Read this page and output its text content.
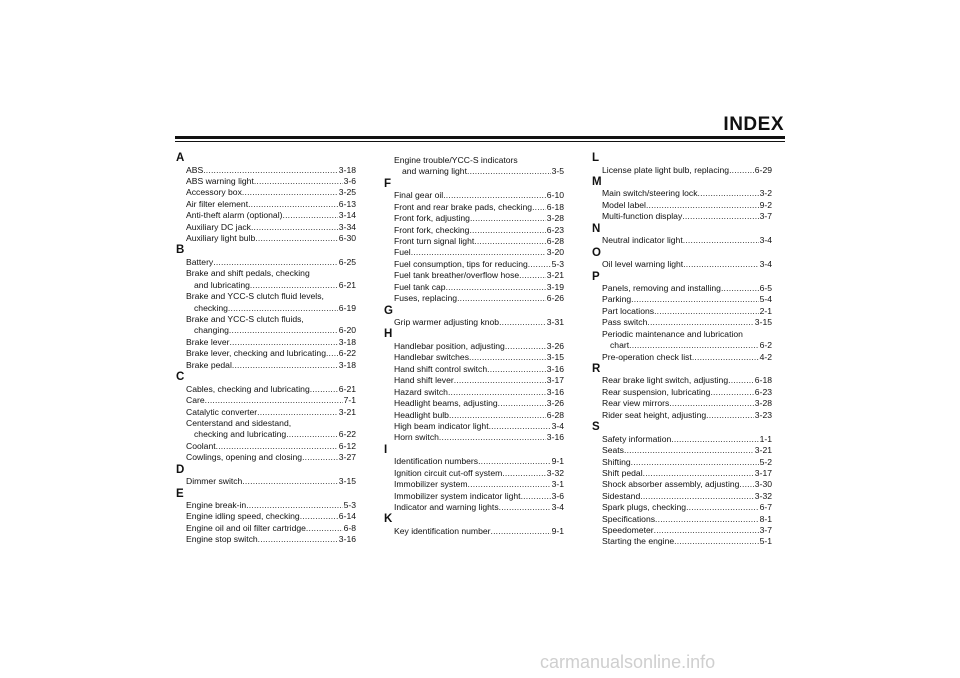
INDEX
A
ABS .....	3-18
ABS warning light .....	3-6
Accessory box .....	3-25
Air filter element .....	6-13
Anti-theft alarm (optional) .....	3-14
Auxiliary DC jack .....	3-34
Auxiliary light bulb .....	6-30
B
Battery .....	6-25
Brake and shift pedals, checking
and lubricating .....	6-21
Brake and YCC-S clutch fluid levels,
checking .....	6-19
Brake and YCC-S clutch fluids,
changing .....	6-20
Brake lever .....	3-18
Brake lever, checking and lubricating ..... 6-22
Brake pedal .....	3-18
C
Cables, checking and lubricating .....	6-21
Care .....	7-1
Catalytic converter .....	3-21
Centerstand and sidestand,
checking and lubricating .....	6-22
Coolant .....	6-12
Cowlings, opening and closing .....	3-27
D
Dimmer switch .....	3-15
E
Engine break-in .....	5-3
Engine idling speed, checking .....	6-14
Engine oil and oil filter cartridge .....	6-8
Engine stop switch .....	3-16
Engine trouble/YCC-S indicators
and warning light .....	3-5
F
Final gear oil .....	6-10
Front and rear brake pads, checking ..... 6-18
Front fork, adjusting .....	3-28
Front fork, checking .....	6-23
Front turn signal light .....	6-28
Fuel .....	3-20
Fuel consumption, tips for reducing .....	5-3
Fuel tank breather/overflow hose .....	3-21
Fuel tank cap .....	3-19
Fuses, replacing .....	6-26
G
Grip warmer adjusting knob .....	3-31
H
Handlebar position, adjusting .....	3-26
Handlebar switches .....	3-15
Hand shift control switch .....	3-16
Hand shift lever .....	3-17
Hazard switch .....	3-16
Headlight beams, adjusting .....	3-26
Headlight bulb .....	6-28
High beam indicator light .....	3-4
Horn switch .....	3-16
I
Identification numbers .....	9-1
Ignition circuit cut-off system .....	3-32
Immobilizer system .....	3-1
Immobilizer system indicator light .....	3-6
Indicator and warning lights .....	3-4
K
Key identification number .....	9-1
L
License plate light bulb, replacing .....	6-29
M
Main switch/steering lock .....	3-2
Model label .....	9-2
Multi-function display .....	3-7
N
Neutral indicator light .....	3-4
O
Oil level warning light .....	3-4
P
Panels, removing and installing .....	6-5
Parking .....	5-4
Part locations .....	2-1
Pass switch .....	3-15
Periodic maintenance and lubrication
chart .....	6-2
Pre-operation check list .....	4-2
R
Rear brake light switch, adjusting .....	6-18
Rear suspension, lubricating .....	6-23
Rear view mirrors .....	3-28
Rider seat height, adjusting .....	3-23
S
Safety information .....	1-1
Seats .....	3-21
Shifting .....	5-2
Shift pedal .....	3-17
Shock absorber assembly, adjusting ..... 3-30
Sidestand .....	3-32
Spark plugs, checking .....	6-7
Specifications .....	8-1
Speedometer .....	3-7
Starting the engine .....	5-1
carmanualsonline.info
